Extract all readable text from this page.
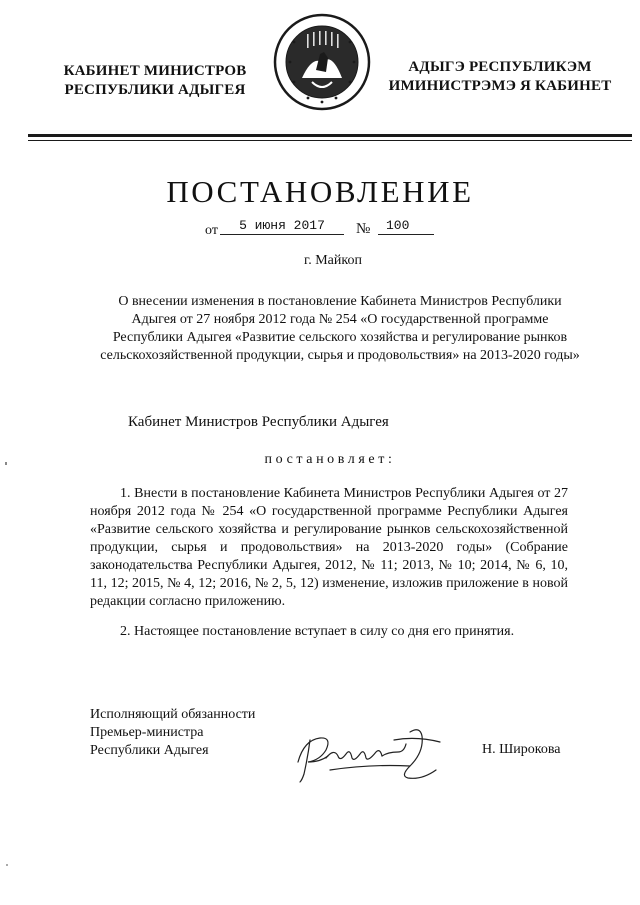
КАБИНЕТ МИНИСТРОВ
РЕСПУБЛИКИ АДЫГЕЯ
АДЫГЭ РЕСПУБЛИКЭМ
ИМИНИСТРЭМЭ Я КАБИНЕТ
ПОСТАНОВЛЕНИЕ
от	5 июня 2017	№	100
г. Майкоп
О внесении изменения в постановление Кабинета Министров Республики Адыгея от 27 ноября 2012 года № 254 «О государственной программе Республики Адыгея «Развитие сельского хозяйства и регулирование рынков сельскохозяйственной продукции, сырья и продовольствия» на 2013-2020 годы»
Кабинет Министров Республики Адыгея
постановляет:
1. Внести в постановление Кабинета Министров Республики Адыгея от 27 ноября 2012 года № 254 «О государственной программе Республики Адыгея «Развитие сельского хозяйства и регулирование рынков сельскохозяйственной продукции, сырья и продовольствия» на 2013-2020 годы» (Собрание законодательства Республики Адыгея, 2012, № 11; 2013, № 10; 2014, № 6, 10, 11, 12; 2015, № 4, 12; 2016, № 2, 5, 12) изменение, изложив приложение в новой редакции согласно приложению.
2. Настоящее постановление вступает в силу со дня его принятия.
Исполняющий обязанности
Премьер-министра
Республики Адыгея	Н. Широкова
